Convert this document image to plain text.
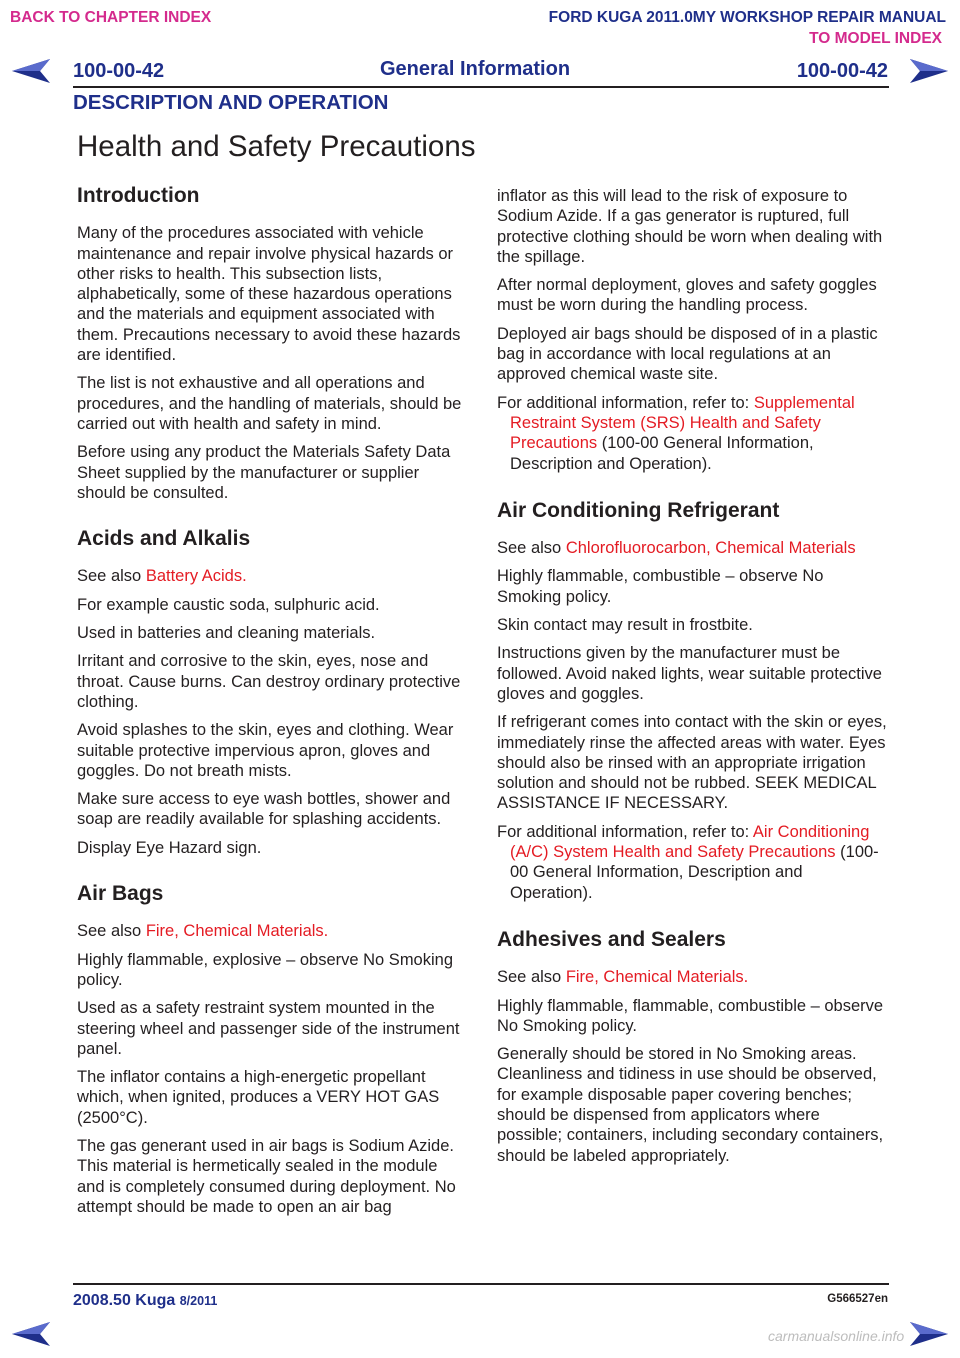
BACK TO CHAPTER INDEX	FORD KUGA 2011.0MY WORKSHOP REPAIR MANUAL
TO MODEL INDEX
100-00-42	General Information	100-00-42
DESCRIPTION AND OPERATION
Health and Safety Precautions
Introduction

Many of the procedures associated with vehicle maintenance and repair involve physical hazards or other risks to health. This subsection lists, alphabetically, some of these hazardous operations and the materials and equipment associated with them. Precautions necessary to avoid these hazards are identified.

The list is not exhaustive and all operations and procedures, and the handling of materials, should be carried out with health and safety in mind.

Before using any product the Materials Safety Data Sheet supplied by the manufacturer or supplier should be consulted.

Acids and Alkalis

See also Battery Acids.

For example caustic soda, sulphuric acid.

Used in batteries and cleaning materials.

Irritant and corrosive to the skin, eyes, nose and throat. Cause burns. Can destroy ordinary protective clothing.

Avoid splashes to the skin, eyes and clothing. Wear suitable protective impervious apron, gloves and goggles. Do not breath mists.

Make sure access to eye wash bottles, shower and soap are readily available for splashing accidents.

Display Eye Hazard sign.

Air Bags

See also Fire, Chemical Materials.

Highly flammable, explosive – observe No Smoking policy.

Used as a safety restraint system mounted in the steering wheel and passenger side of the instrument panel.

The inflator contains a high-energetic propellant which, when ignited, produces a VERY HOT GAS (2500°C).

The gas generant used in air bags is Sodium Azide. This material is hermetically sealed in the module and is completely consumed during deployment. No attempt should be made to open an air bag

inflator as this will lead to the risk of exposure to Sodium Azide. If a gas generator is ruptured, full protective clothing should be worn when dealing with the spillage.

After normal deployment, gloves and safety goggles must be worn during the handling process.

Deployed air bags should be disposed of in a plastic bag in accordance with local regulations at an approved chemical waste site.

For additional information, refer to: Supplemental Restraint System (SRS) Health and Safety Precautions (100-00 General Information, Description and Operation).

Air Conditioning Refrigerant

See also Chlorofluorocarbon, Chemical Materials

Highly flammable, combustible – observe No Smoking policy.

Skin contact may result in frostbite.

Instructions given by the manufacturer must be followed. Avoid naked lights, wear suitable protective gloves and goggles.

If refrigerant comes into contact with the skin or eyes, immediately rinse the affected areas with water. Eyes should also be rinsed with an appropriate irrigation solution and should not be rubbed. SEEK MEDICAL ASSISTANCE IF NECESSARY.

For additional information, refer to: Air Conditioning (A/C) System Health and Safety Precautions (100-00 General Information, Description and Operation).

Adhesives and Sealers

See also Fire, Chemical Materials.

Highly flammable, flammable, combustible – observe No Smoking policy.

Generally should be stored in No Smoking areas. Cleanliness and tidiness in use should be observed, for example disposable paper covering benches; should be dispensed from applicators where possible; containers, including secondary containers, should be labeled appropriately.

2008.50 Kuga 8/2011	G566527en
carmanualsonline.info
